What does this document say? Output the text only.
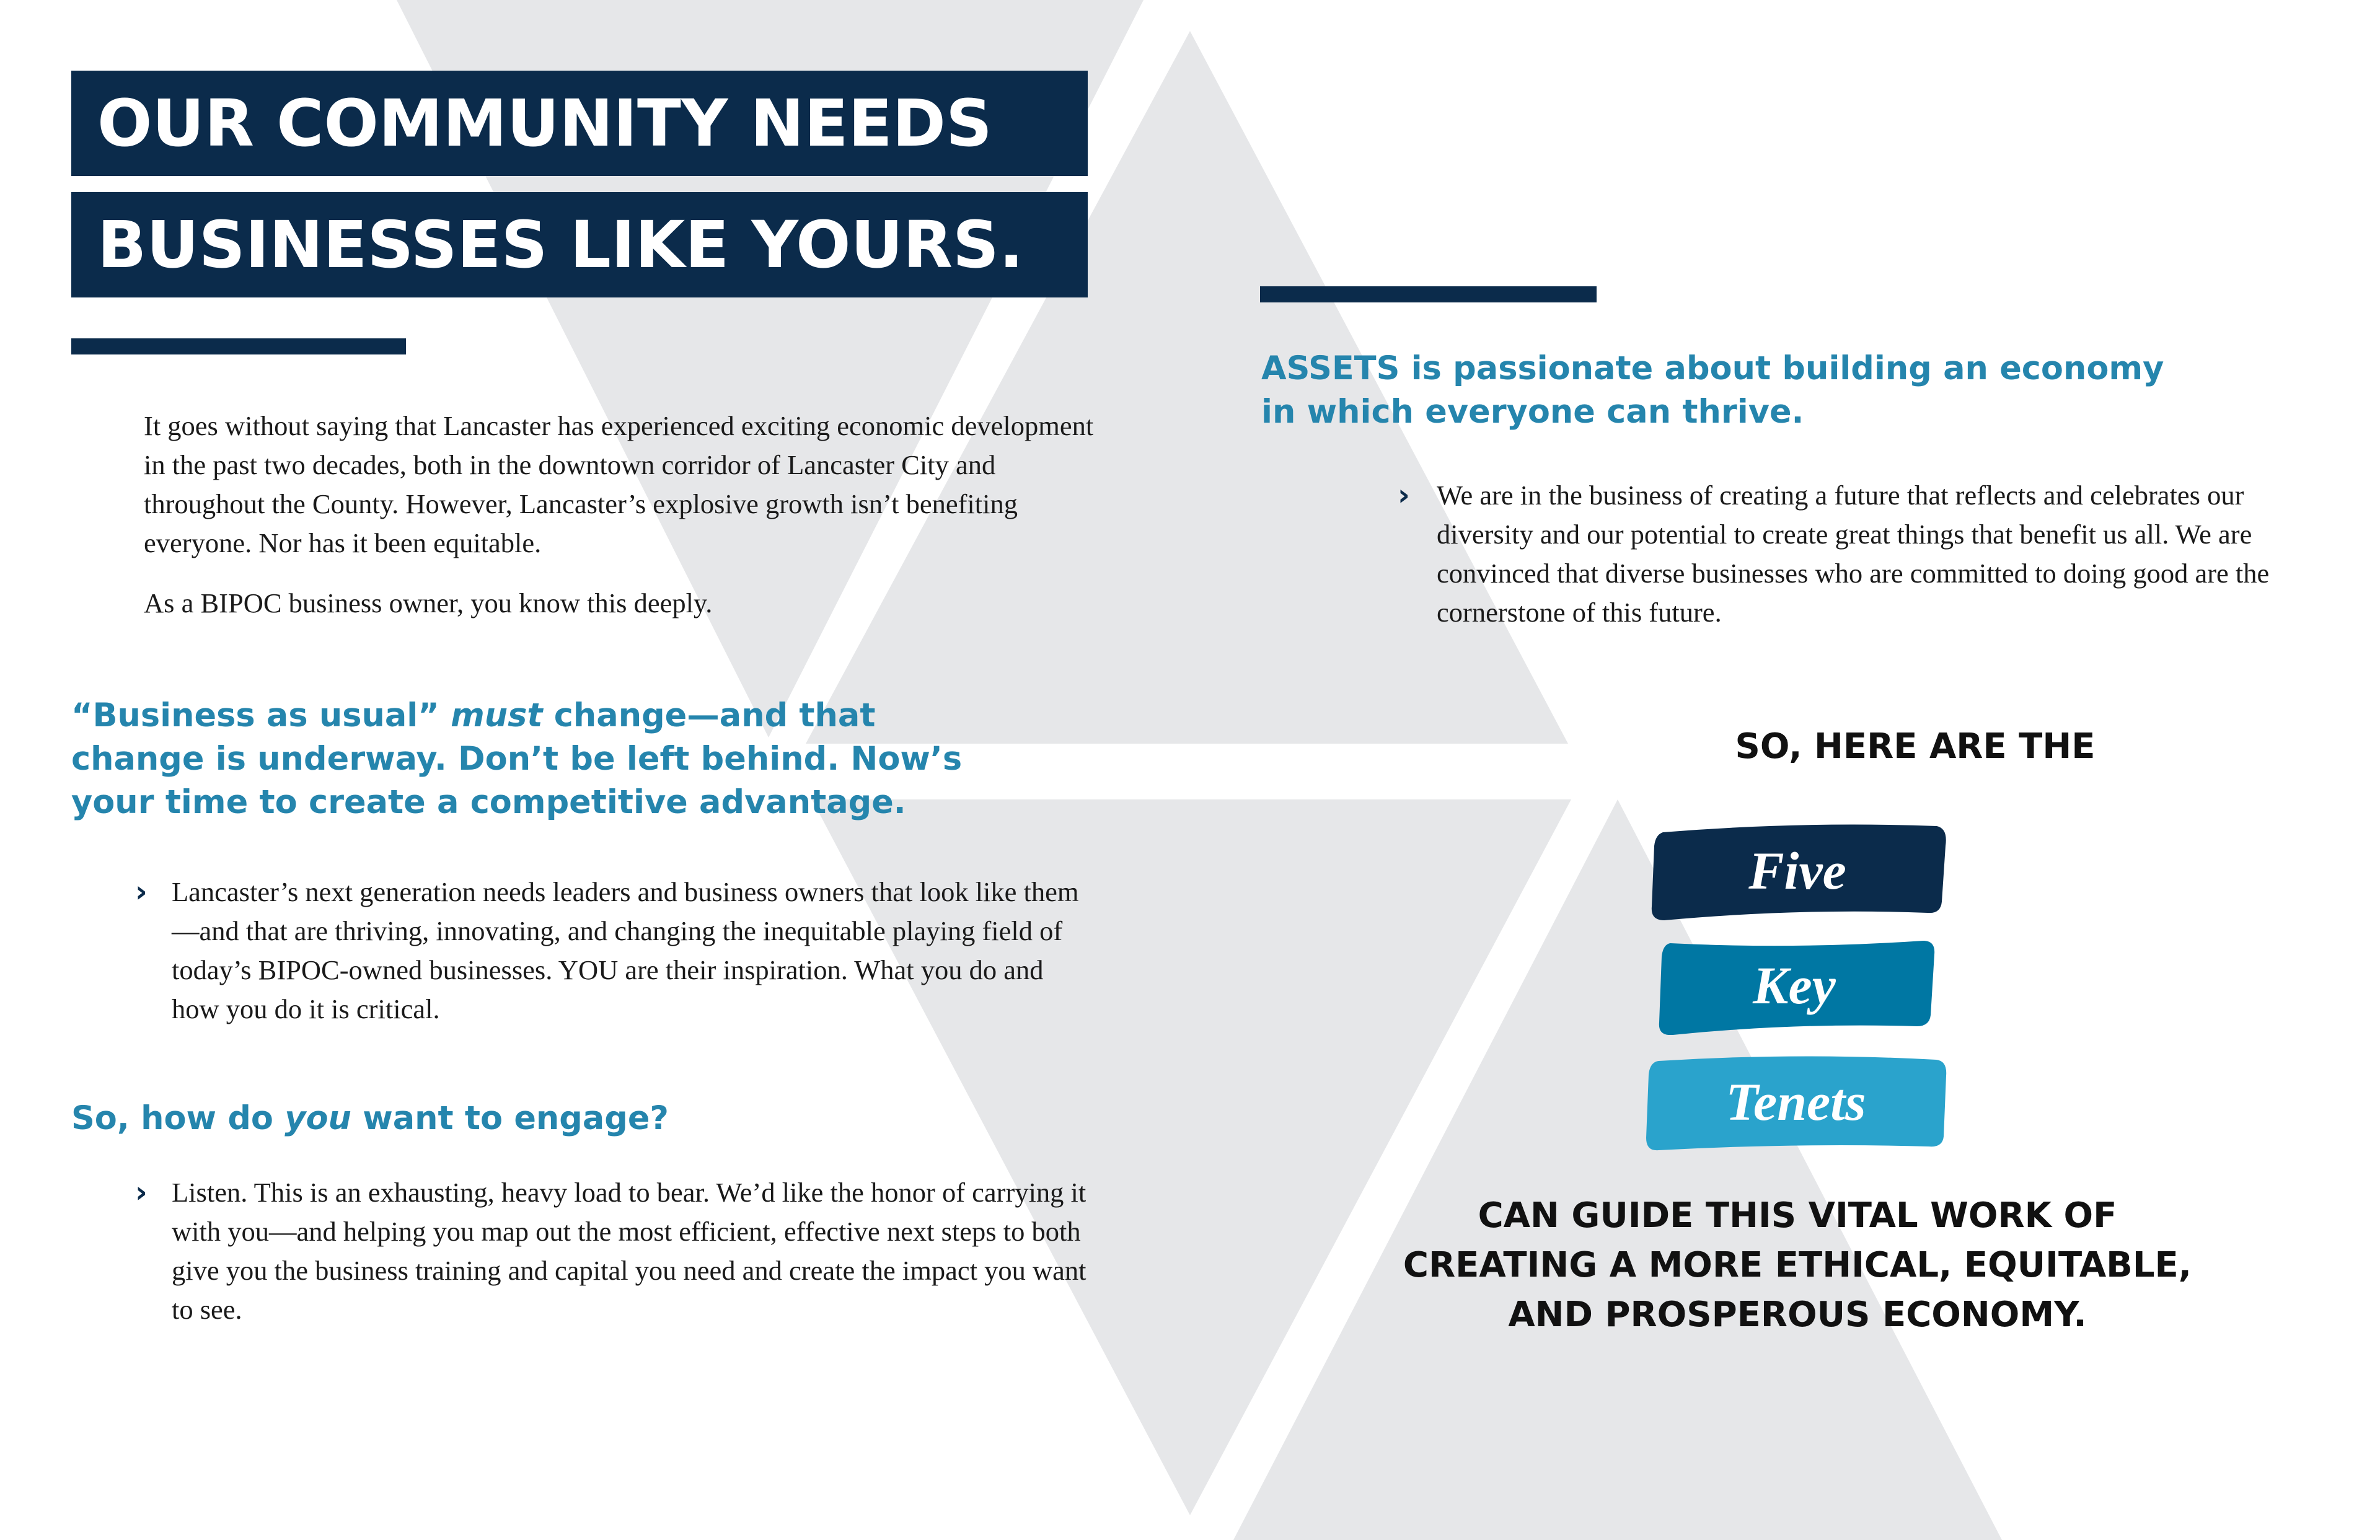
OUR COMMUNITY NEEDS
BUSINESSES LIKE YOURS.

It goes without saying that Lancaster has experienced exciting economic development in the past two decades, both in the downtown corridor of Lancaster City and throughout the County. However, Lancaster’s explosive growth isn’t benefiting everyone. Nor has it been equitable.

As a BIPOC business owner, you know this deeply.

“Business as usual” must change—and that change is underway. Don’t be left behind. Now’s your time to create a competitive advantage.

› Lancaster’s next generation needs leaders and business owners that look like them—and that are thriving, innovating, and changing the inequitable playing field of today’s BIPOC-owned businesses. YOU are their inspiration. What you do and how you do it is critical.

So, how do you want to engage?

› Listen. This is an exhausting, heavy load to bear. We’d like the honor of carrying it with you—and helping you map out the most efficient, effective next steps to both give you the business training and capital you need and create the impact you want to see.

ASSETS is passionate about building an economy in which everyone can thrive.

› We are in the business of creating a future that reflects and celebrates our diversity and our potential to create great things that benefit us all. We are convinced that diverse businesses who are committed to doing good are the cornerstone of this future.

SO, HERE ARE THE

Five
Key
Tenets

CAN GUIDE THIS VITAL WORK OF CREATING A MORE ETHICAL, EQUITABLE, AND PROSPEROUS ECONOMY.
